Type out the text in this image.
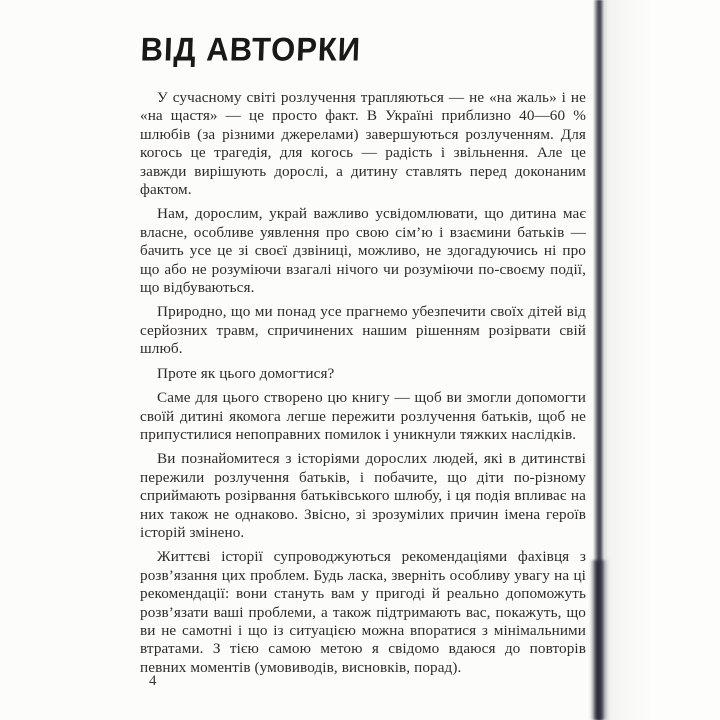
ВІД АВТОРКИ

У сучасному світі розлучення трапляються — не «на жаль» і не «на щастя» — це просто факт. В Україні приблизно 40—60 % шлюбів (за різними джерелами) завершуються розлученням. Для когось це трагедія, для когось — радість і звільнення. Але це завжди вирішують дорослі, а дитину ставлять перед доконаним фактом.

Нам, дорослим, украй важливо усвідомлювати, що дитина має власне, особливе уявлення про свою сім’ю і взаємини батьків — бачить усе це зі своєї дзвіниці, можливо, не здогадуючись ні про що або не розуміючи взагалі нічого чи розуміючи по-своєму події, що відбуваються.

Природно, що ми понад усе прагнемо убезпечити своїх дітей від серйозних травм, спричинених нашим рішенням розірвати свій шлюб.

Проте як цього домогтися?

Саме для цього створено цю книгу — щоб ви змогли допомогти своїй дитині якомога легше пережити розлучення батьків, щоб не припустилися непоправних помилок і уникнули тяжких наслідків.

Ви познайомитеся з історіями дорослих людей, які в дитинстві пережили розлучення батьків, і побачите, що діти по-різному сприймають розірвання батьківського шлюбу, і ця подія впливає на них також не однаково. Звісно, зі зрозумілих причин імена героїв історій змінено.

Життєві історії супроводжуються рекомендаціями фахівця з розв’язання цих проблем. Будь ласка, зверніть особливу увагу на ці рекомендації: вони стануть вам у пригоді й реально допоможуть розв’язати ваші проблеми, а також підтримають вас, покажуть, що ви не самотні і що із ситуацією можна впоратися з мінімальними втратами. З тією самою метою я свідомо вдаюся до повторів певних моментів (умовиводів, висновків, порад).

4
